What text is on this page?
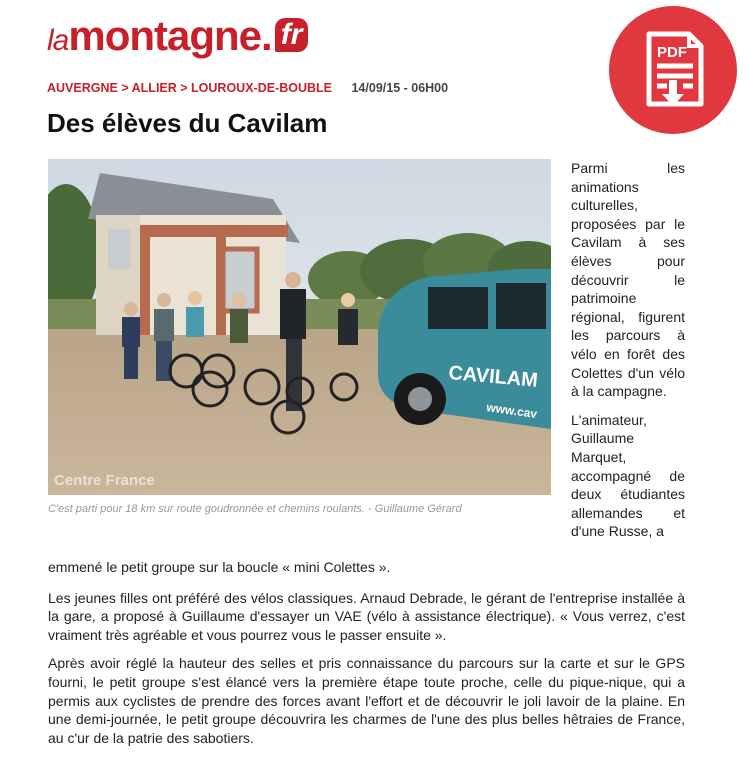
la montagne . fr
PDF
AUVERGNE > ALLIER > LOUROUX-DE-BOUBLE 14/09/15 - 06H00
Des élèves du Cavilam
CAVILAM
www.cav
Centre France

C'est parti pour 18 km sur route goudronnée et chemins roulants. - Guillaume Gérard

Parmi les animations culturelles, proposées par le Cavilam à ses élèves pour découvrir le patrimoine régional, figurent les parcours à vélo en forêt des Colettes d'un vélo à la campagne.

L'animateur, Guillaume Marquet, accompagné de deux étudiantes allemandes et d'une Russe, a

emmené le petit groupe sur la boucle « mini Colettes ».

Les jeunes filles ont préféré des vélos classiques. Arnaud Debrade, le gérant de l'entreprise installée à la gare, a proposé à Guillaume d'essayer un VAE (vélo à assistance électrique). « Vous verrez, c'est vraiment très agréable et vous pourrez vous le passer ensuite ».

Après avoir réglé la hauteur des selles et pris connaissance du parcours sur la carte et sur le GPS fourni, le petit groupe s'est élancé vers la première étape toute proche, celle du pique-nique, qui a permis aux cyclistes de prendre des forces avant l'effort et de découvrir le joli lavoir de la plaine. En une demi-journée, le petit groupe découvrira les charmes de l'une des plus belles hêtraies de France, au c'ur de la patrie des sabotiers.
